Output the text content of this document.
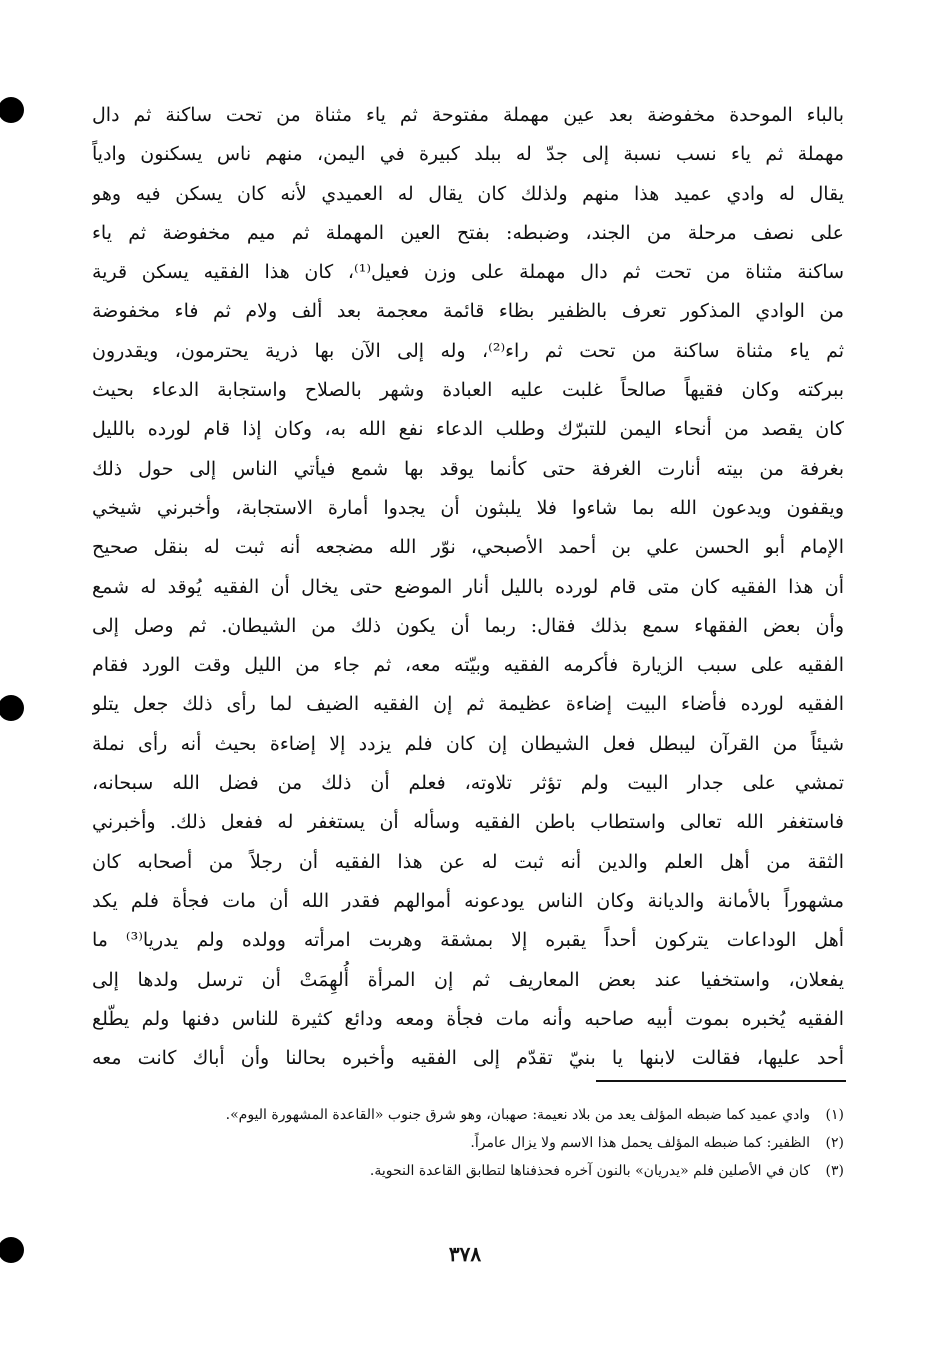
بالباء الموحدة مخفوضة بعد عين مهملة مفتوحة ثم ياء مثناة من تحت ساكنة ثم دال
مهملة ثم ياء نسب نسبة إلى جدّ له ببلد كبيرة في اليمن، منهم ناس يسكنون وادياً
يقال له وادي عميد هذا منهم ولذلك كان يقال له العميدي لأنه كان يسكن فيه وهو
على نصف مرحلة من الجند، وضبطه: بفتح العين المهملة ثم ميم مخفوضة ثم ياء
ساكنة مثناة من تحت ثم دال مهملة على وزن فعيل⁽¹⁾، كان هذا الفقيه يسكن قرية
من الوادي المذكور تعرف بالظفير بظاء قائمة معجمة بعد ألف ولام ثم فاء مخفوضة
ثم ياء مثناة ساكنة من تحت ثم راء⁽²⁾، وله إلى الآن بها ذرية يحترمون، ويقدرون
ببركته وكان فقيهاً صالحاً غلبت عليه العبادة وشهر بالصلاح واستجابة الدعاء بحيث
كان يقصد من أنحاء اليمن للتبرّك وطلب الدعاء نفع الله به، وكان إذا قام لورده بالليل
بغرفة من بيته أنارت الغرفة حتى كأنما يوقد بها شمع فيأتي الناس إلى حول ذلك
ويقفون ويدعون الله بما شاءوا فلا يلبثون أن يجدوا أمارة الاستجابة، وأخبرني شيخي
الإمام أبو الحسن علي بن أحمد الأصبحي، نوّر الله مضجعه أنه ثبت له بنقل صحيح
أن هذا الفقيه كان متى قام لورده بالليل أنار الموضع حتى يخال أن الفقيه يُوقد له شمع
وأن بعض الفقهاء سمع بذلك فقال: ربما أن يكون ذلك من الشيطان. ثم وصل إلى
الفقيه على سبب الزيارة فأكرمه الفقيه وبيّته معه، ثم جاء من الليل وقت الورد فقام
الفقيه لورده فأضاء البيت إضاءة عظيمة ثم إن الفقيه الضيف لما رأى ذلك جعل يتلو
شيئاً من القرآن ليبطل فعل الشيطان إن كان فلم يزدد إلا إضاءة بحيث أنه رأى نملة
تمشي على جدار البيت ولم تؤثر تلاوته، فعلم أن ذلك من فضل الله سبحانه،
فاستغفر الله تعالى واستطاب باطن الفقيه وسأله أن يستغفر له ففعل ذلك. وأخبرني
الثقة من أهل العلم والدين أنه ثبت له عن هذا الفقيه أن رجلاً من أصحابه كان
مشهوراً بالأمانة والديانة وكان الناس يودعونه أموالهم فقدر الله أن مات فجأة فلم يكد
أهل الوداعات يتركون أحداً يقبره إلا بمشقة وهربت امرأته وولده ولم يدريا⁽³⁾ ما
يفعلان، واستخفيا عند بعض المعاريف ثم إن المرأة أُلهِمَتْ أن ترسل ولدها إلى
الفقيه يُخبره بموت أبيه صاحبه وأنه مات فجأة ومعه ودائع كثيرة للناس دفنها ولم يطّلع
أحد عليها، فقالت لابنها يا بنيّ تقدّم إلى الفقيه وأخبره بحالنا وأن أباك كانت معه
(١)
وادي عميد كما ضبطه المؤلف يعد من بلاد نعيمة: صهبان، وهو شرق جنوب «القاعدة المشهورة اليوم».
(٢)
الظفير: كما ضبطه المؤلف يحمل هذا الاسم ولا يزال عامراً.
(٣)
كان في الأصلين فلم «يدريان» بالنون آخره فحذفناها لتطابق القاعدة النحوية.
٣٧٨
